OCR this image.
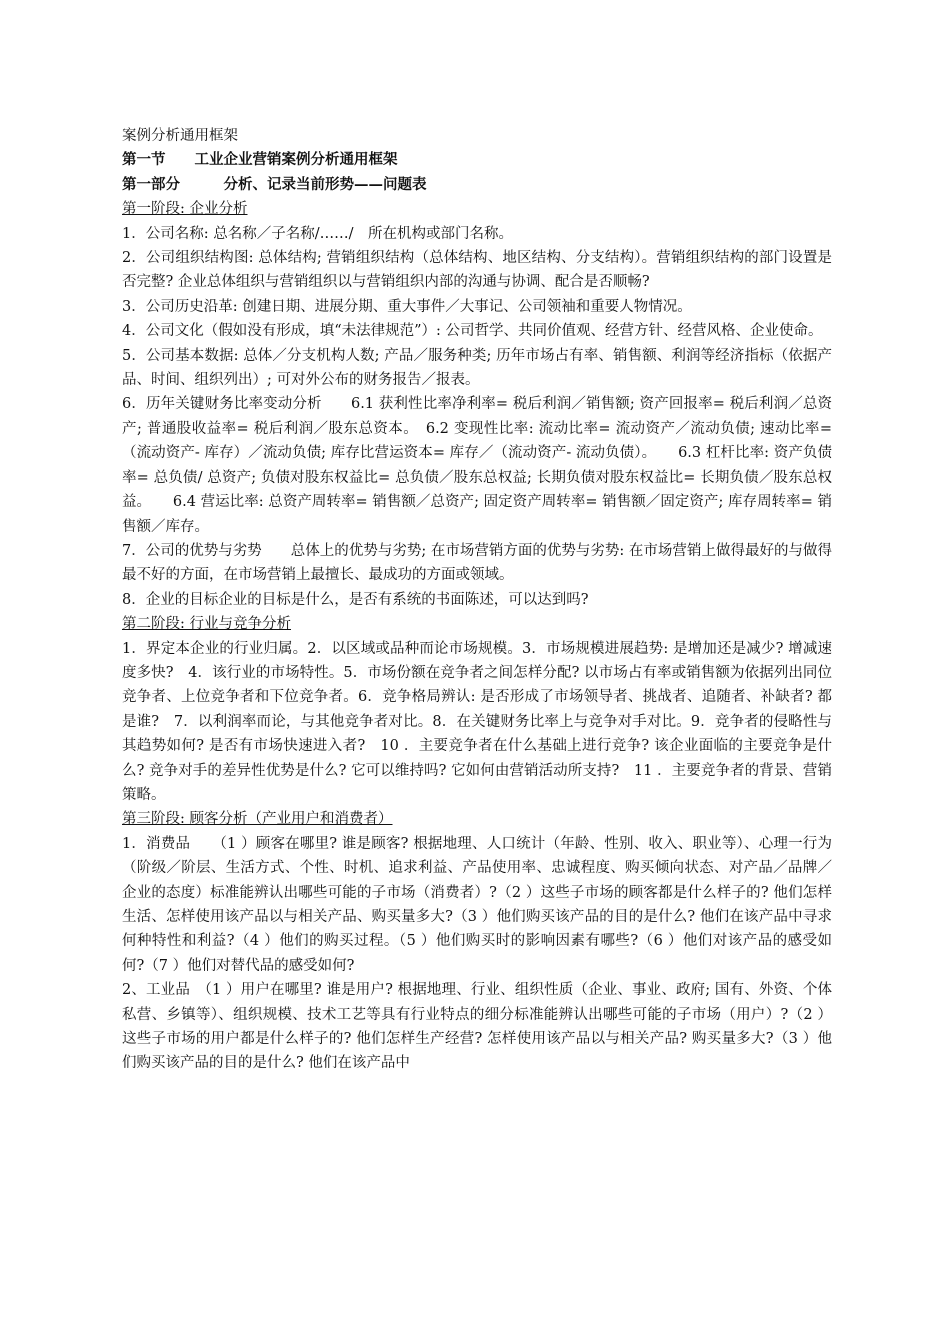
案例分析通用框架

第一节　　工业企业营销案例分析通用框架

第一部分　　　分析、记录当前形势——问题表

第一阶段: 企业分析

1．公司名称: 总名称／子名称/……/　所在机构或部门名称。

2．公司组织结构图: 总体结构; 营销组织结构（总体结构、地区结构、分支结构）。营销组织结构的部门设置是否完整? 企业总体组织与营销组织以与营销组织内部的沟通与协调、配合是否顺畅?

3．公司历史沿革: 创建日期、进展分期、重大事件／大事记、公司领袖和重要人物情况。

4．公司文化（假如没有形成，填“未法律规范”）: 公司哲学、共同价值观、经营方针、经营风格、企业使命。

5．公司基本数据: 总体／分支机构人数; 产品／服务种类; 历年市场占有率、销售额、利润等经济指标（依据产品、时间、组织列出）; 可对外公布的财务报告／报表。

6．历年关键财务比率变动分析　　6.1 获利性比率净利率= 税后利润／销售额; 资产回报率= 税后利润／总资产; 普通股收益率= 税后利润／股东总资本。　6.2 变现性比率: 流动比率= 流动资产／流动负债; 速动比率= （流动资产- 库存）／流动负债; 库存比营运资本= 库存／（流动资产- 流动负债）。　　6.3 杠杆比率: 资产负债率= 总负债/ 总资产; 负债对股东权益比= 总负债／股东总权益; 长期负债对股东权益比= 长期负债／股东总权益。　　6.4 营运比率: 总资产周转率= 销售额／总资产; 固定资产周转率= 销售额／固定资产; 库存周转率= 销售额／库存。

7．公司的优势与劣势　　总体上的优势与劣势; 在市场营销方面的优势与劣势: 在市场营销上做得最好的与做得最不好的方面，在市场营销上最擅长、最成功的方面或领域。

8．企业的目标企业的目标是什么，是否有系统的书面陈述，可以达到吗?

第二阶段: 行业与竞争分析

1．界定本企业的行业归属。2．以区域或品种而论市场规模。3．市场规模进展趋势: 是增加还是减少? 增减速度多快?　4．该行业的市场特性。5．市场份额在竞争者之间怎样分配? 以市场占有率或销售额为依据列出同位竞争者、上位竞争者和下位竞争者。6．竞争格局辨认: 是否形成了市场领导者、挑战者、追随者、补缺者? 都是谁?　7．以利润率而论，与其他竞争者对比。8．在关键财务比率上与竞争对手对比。9．竞争者的侵略性与其趋势如何? 是否有市场快速进入者?　10 ．主要竞争者在什么基础上进行竞争? 该企业面临的主要竞争是什么? 竞争对手的差异性优势是什么? 它可以维持吗? 它如何由营销活动所支持?　11 ．主要竞争者的背景、营销策略。

第三阶段: 顾客分析（产业用户和消费者）

1．消费品　　（1 ）顾客在哪里? 谁是顾客? 根据地理、人口统计（年龄、性别、收入、职业等）、心理一行为（阶级／阶层、生活方式、个性、时机、追求利益、产品使用率、忠诚程度、购买倾向状态、对产品／品牌／企业的态度）标准能辨认出哪些可能的子市场（消费者）?（2 ）这些子市场的顾客都是什么样子的? 他们怎样生活、怎样使用该产品以与相关产品、购买量多大?（3 ）他们购买该产品的目的是什么? 他们在该产品中寻求何种特性和利益?（4 ）他们的购买过程。（5 ）他们购买时的影响因素有哪些?（6 ）他们对该产品的感受如何?（7 ）他们对替代品的感受如何?

2、工业品　（1 ）用户在哪里? 谁是用户? 根据地理、行业、组织性质（企业、事业、政府; 国有、外资、个体私营、乡镇等）、组织规模、技术工艺等具有行业特点的细分标准能辨认出哪些可能的子市场（用户）?（2 ）这些子市场的用户都是什么样子的? 他们怎样生产经营? 怎样使用该产品以与相关产品? 购买量多大?（3 ）他们购买该产品的目的是什么? 他们在该产品中
